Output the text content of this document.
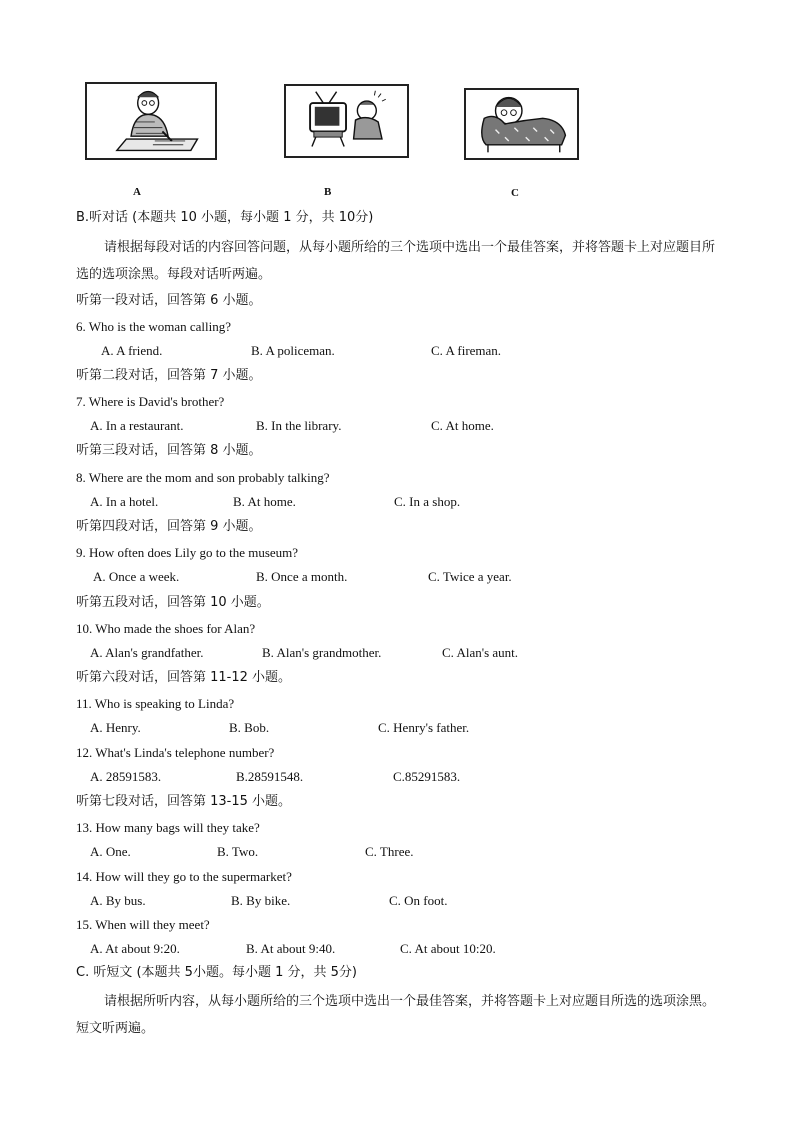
A	B	C
B.听对话 (本题共 10 小题，每小题 1 分，共 10分)
请根据每段对话的内容回答问题，从每小题所给的三个选项中选出一个最佳答案，并将答题卡上对应题目所选的选项涂黑。每段对话听两遍。
听第一段对话，回答第 6 小题。
6. Who is the woman calling?
A. A friend.	B. A policeman.	C. A fireman.
听第二段对话，回答第 7 小题。
7. Where is David's brother?
A. In a restaurant.	B. In the library.	C. At home.
听第三段对话，回答第 8 小题。
8. Where are the mom and son probably talking?
A. In a hotel.	B. At home.	C. In a shop.
听第四段对话，回答第 9 小题。
9. How often does Lily go to the museum?
A. Once a week.	B. Once a month.	C. Twice a year.
听第五段对话，回答第 10 小题。
10. Who made the shoes for Alan?
A. Alan's grandfather.	B. Alan's grandmother.	C. Alan's aunt.
听第六段对话，回答第 11-12 小题。
11. Who is speaking to Linda?
A. Henry.	B. Bob.	C. Henry's father.
12. What's Linda's telephone number?
A. 28591583.	B.28591548.	C.85291583.
听第七段对话，回答第 13-15 小题。
13. How many bags will they take?
A. One.	B. Two.	C. Three.
14. How will they go to the supermarket?
A. By bus.	B. By bike.	C. On foot.
15. When will they meet?
A. At about 9:20.	B. At about 9:40.	C. At about 10:20.
C. 听短文 (本题共 5小题。每小题 1 分，共 5分)
请根据所听内容，从每小题所给的三个选项中选出一个最佳答案，并将答题卡上对应题目所选的选项涂黑。短文听两遍。
